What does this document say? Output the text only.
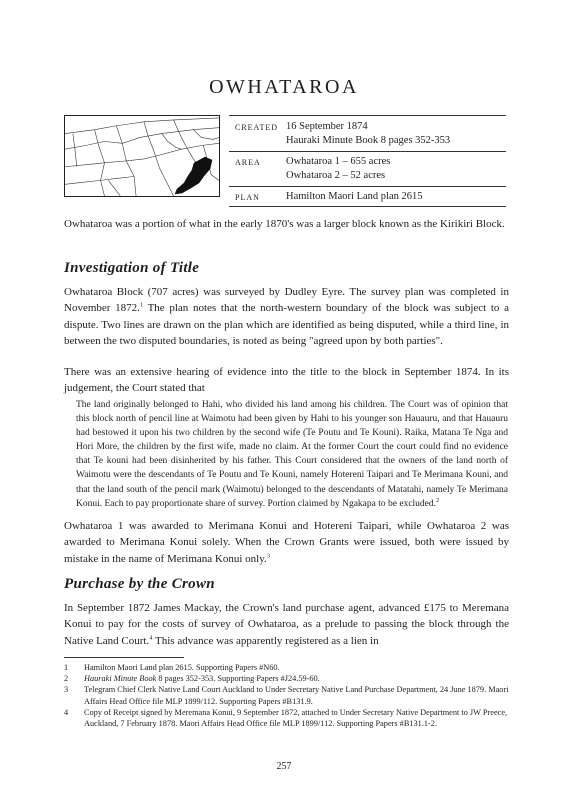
OWHATAROA
CREATED 16 September 1874
Hauraki Minute Book 8 pages 352-353
AREA Owhataroa 1 – 655 acres
Owhataroa 2 – 52 acres
PLAN Hamilton Maori Land plan 2615

Owhataroa was a portion of what in the early 1870's was a larger block known as the Kirikiri Block.

Investigation of Title

Owhataroa Block (707 acres) was surveyed by Dudley Eyre. The survey plan was completed in November 1872.$^1$ The plan notes that the north-western boundary of the block was subject to a dispute. Two lines are drawn on the plan which are identified as being disputed, while a third line, in between the two disputed boundaries, is noted as being "agreed upon by both parties".

There was an extensive hearing of evidence into the title to the block in September 1874. In its judgement, the Court stated that

The land originally belonged to Hahi, who divided his land among his children. The Court was of opinion that this block north of pencil line at Waimotu had been given by Hahi to his younger son Hauauru, and that Hauauru had bestowed it upon his two children by the second wife (Te Poutu and Te Kouni). Raika, Matana Te Nga and Hori More, the children by the first wife, made no claim. At the former Court the court could find no evidence that Te kouni had been disinherited by his father. This Court considered that the owners of the land north of Waimotu were the descendants of Te Poutu and Te Kouni, namely Hotereni Taipari and Te Merimana Kouni, and that the land south of the pencil mark (Waimotu) belonged to the descendants of Matatahi, namely Te Merimana Konui. Each to pay proportionate share of survey. Portion claimed by Ngakapa to be excluded.$^2$

Owhataroa 1 was awarded to Merimana Konui and Hotereni Taipari, while Owhataroa 2 was awarded to Merimana Konui solely. When the Crown Grants were issued, both were issued by mistake in the name of Merimana Konui only.$^3$

Purchase by the Crown

In September 1872 James Mackay, the Crown's land purchase agent, advanced £175 to Meremana Konui to pay for the costs of survey of Owhataroa, as a prelude to passing the block through the Native Land Court.$^4$ This advance was apparently registered as a lien in

1 Hamilton Maori Land plan 2615. Supporting Papers #N60.
2 Hauraki Minute Book 8 pages 352-353. Supporting Papers #J24.59-60.
3 Telegram Chief Clerk Native Land Court Auckland to Under Secretary Native Land Purchase Department, 24 June 1879. Maori Affairs Head Office file MLP 1899/112. Supporting Papers #B131.9.
4 Copy of Receipt signed by Meremana Konui, 9 September 1872, attached to Under Secretary Native Department to JW Preece, Auckland, 7 February 1878. Maori Affairs Head Office file MLP 1899/112. Supporting Papers #B131.1-2.
257
